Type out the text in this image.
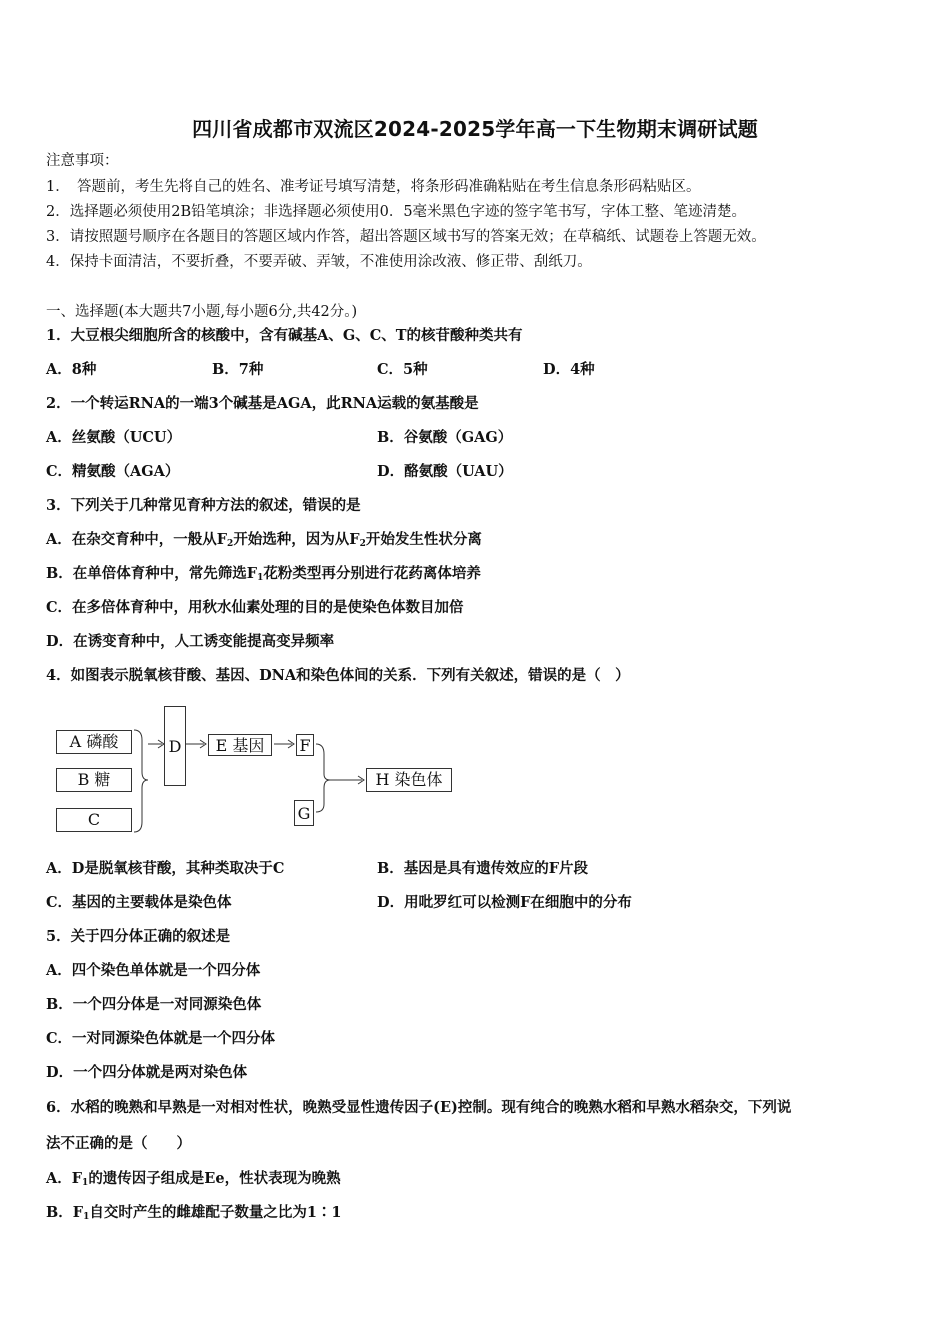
四川省成都市双流区2024-2025学年高一下生物期末调研试题
注意事项：
1．　答题前，考生先将自己的姓名、准考证号填写清楚，将条形码准确粘贴在考生信息条形码粘贴区。
2．选择题必须使用2B铅笔填涂；非选择题必须使用0．5毫米黑色字迹的签字笔书写，字体工整、笔迹清楚。
3．请按照题号顺序在各题目的答题区域内作答，超出答题区域书写的答案无效；在草稿纸、试题卷上答题无效。
4．保持卡面清洁，不要折叠，不要弄破、弄皱，不准使用涂改液、修正带、刮纸刀。
一、选择题(本大题共7小题,每小题6分,共42分。)
1．大豆根尖细胞所含的核酸中，含有碱基A、G、C、T的核苷酸种类共有
A．8种	B．7种	C．5种	D．4种
2．一个转运RNA的一端3个碱基是AGA，此RNA运载的氨基酸是
A．丝氨酸（UCU）	B．谷氨酸（GAG）
C．精氨酸（AGA）	D．酪氨酸（UAU）
3．下列关于几种常见育种方法的叙述，错误的是
A．在杂交育种中，一般从$F_2$开始选种，因为从$F_2$开始发生性状分离
B．在单倍体育种中，常先筛选$F_1$花粉类型再分别进行花药离体培养
C．在多倍体育种中，用秋水仙素处理的目的是使染色体数目加倍
D．在诱变育种中，人工诱变能提高变异频率
4．如图表示脱氧核苷酸、基因、DNA和染色体间的关系．下列有关叙述，错误的是（　）
A 磷酸
B 糖
C
D	E 基因	F
G
H 染色体
A．D是脱氧核苷酸，其种类取决于C	B．基因是具有遗传效应的F片段
C．基因的主要载体是染色体	D．用吡罗红可以检测F在细胞中的分布
5．关于四分体正确的叙述是
A．四个染色单体就是一个四分体
B．一个四分体是一对同源染色体
C．一对同源染色体就是一个四分体
D．一个四分体就是两对染色体
6．水稻的晚熟和早熟是一对相对性状，晚熟受显性遗传因子(E)控制。现有纯合的晚熟水稻和早熟水稻杂交，下列说
法不正确的是（　　）
A．$F_1$的遗传因子组成是Ee，性状表现为晚熟
B．$F_1$自交时产生的雌雄配子数量之比为1∶1
